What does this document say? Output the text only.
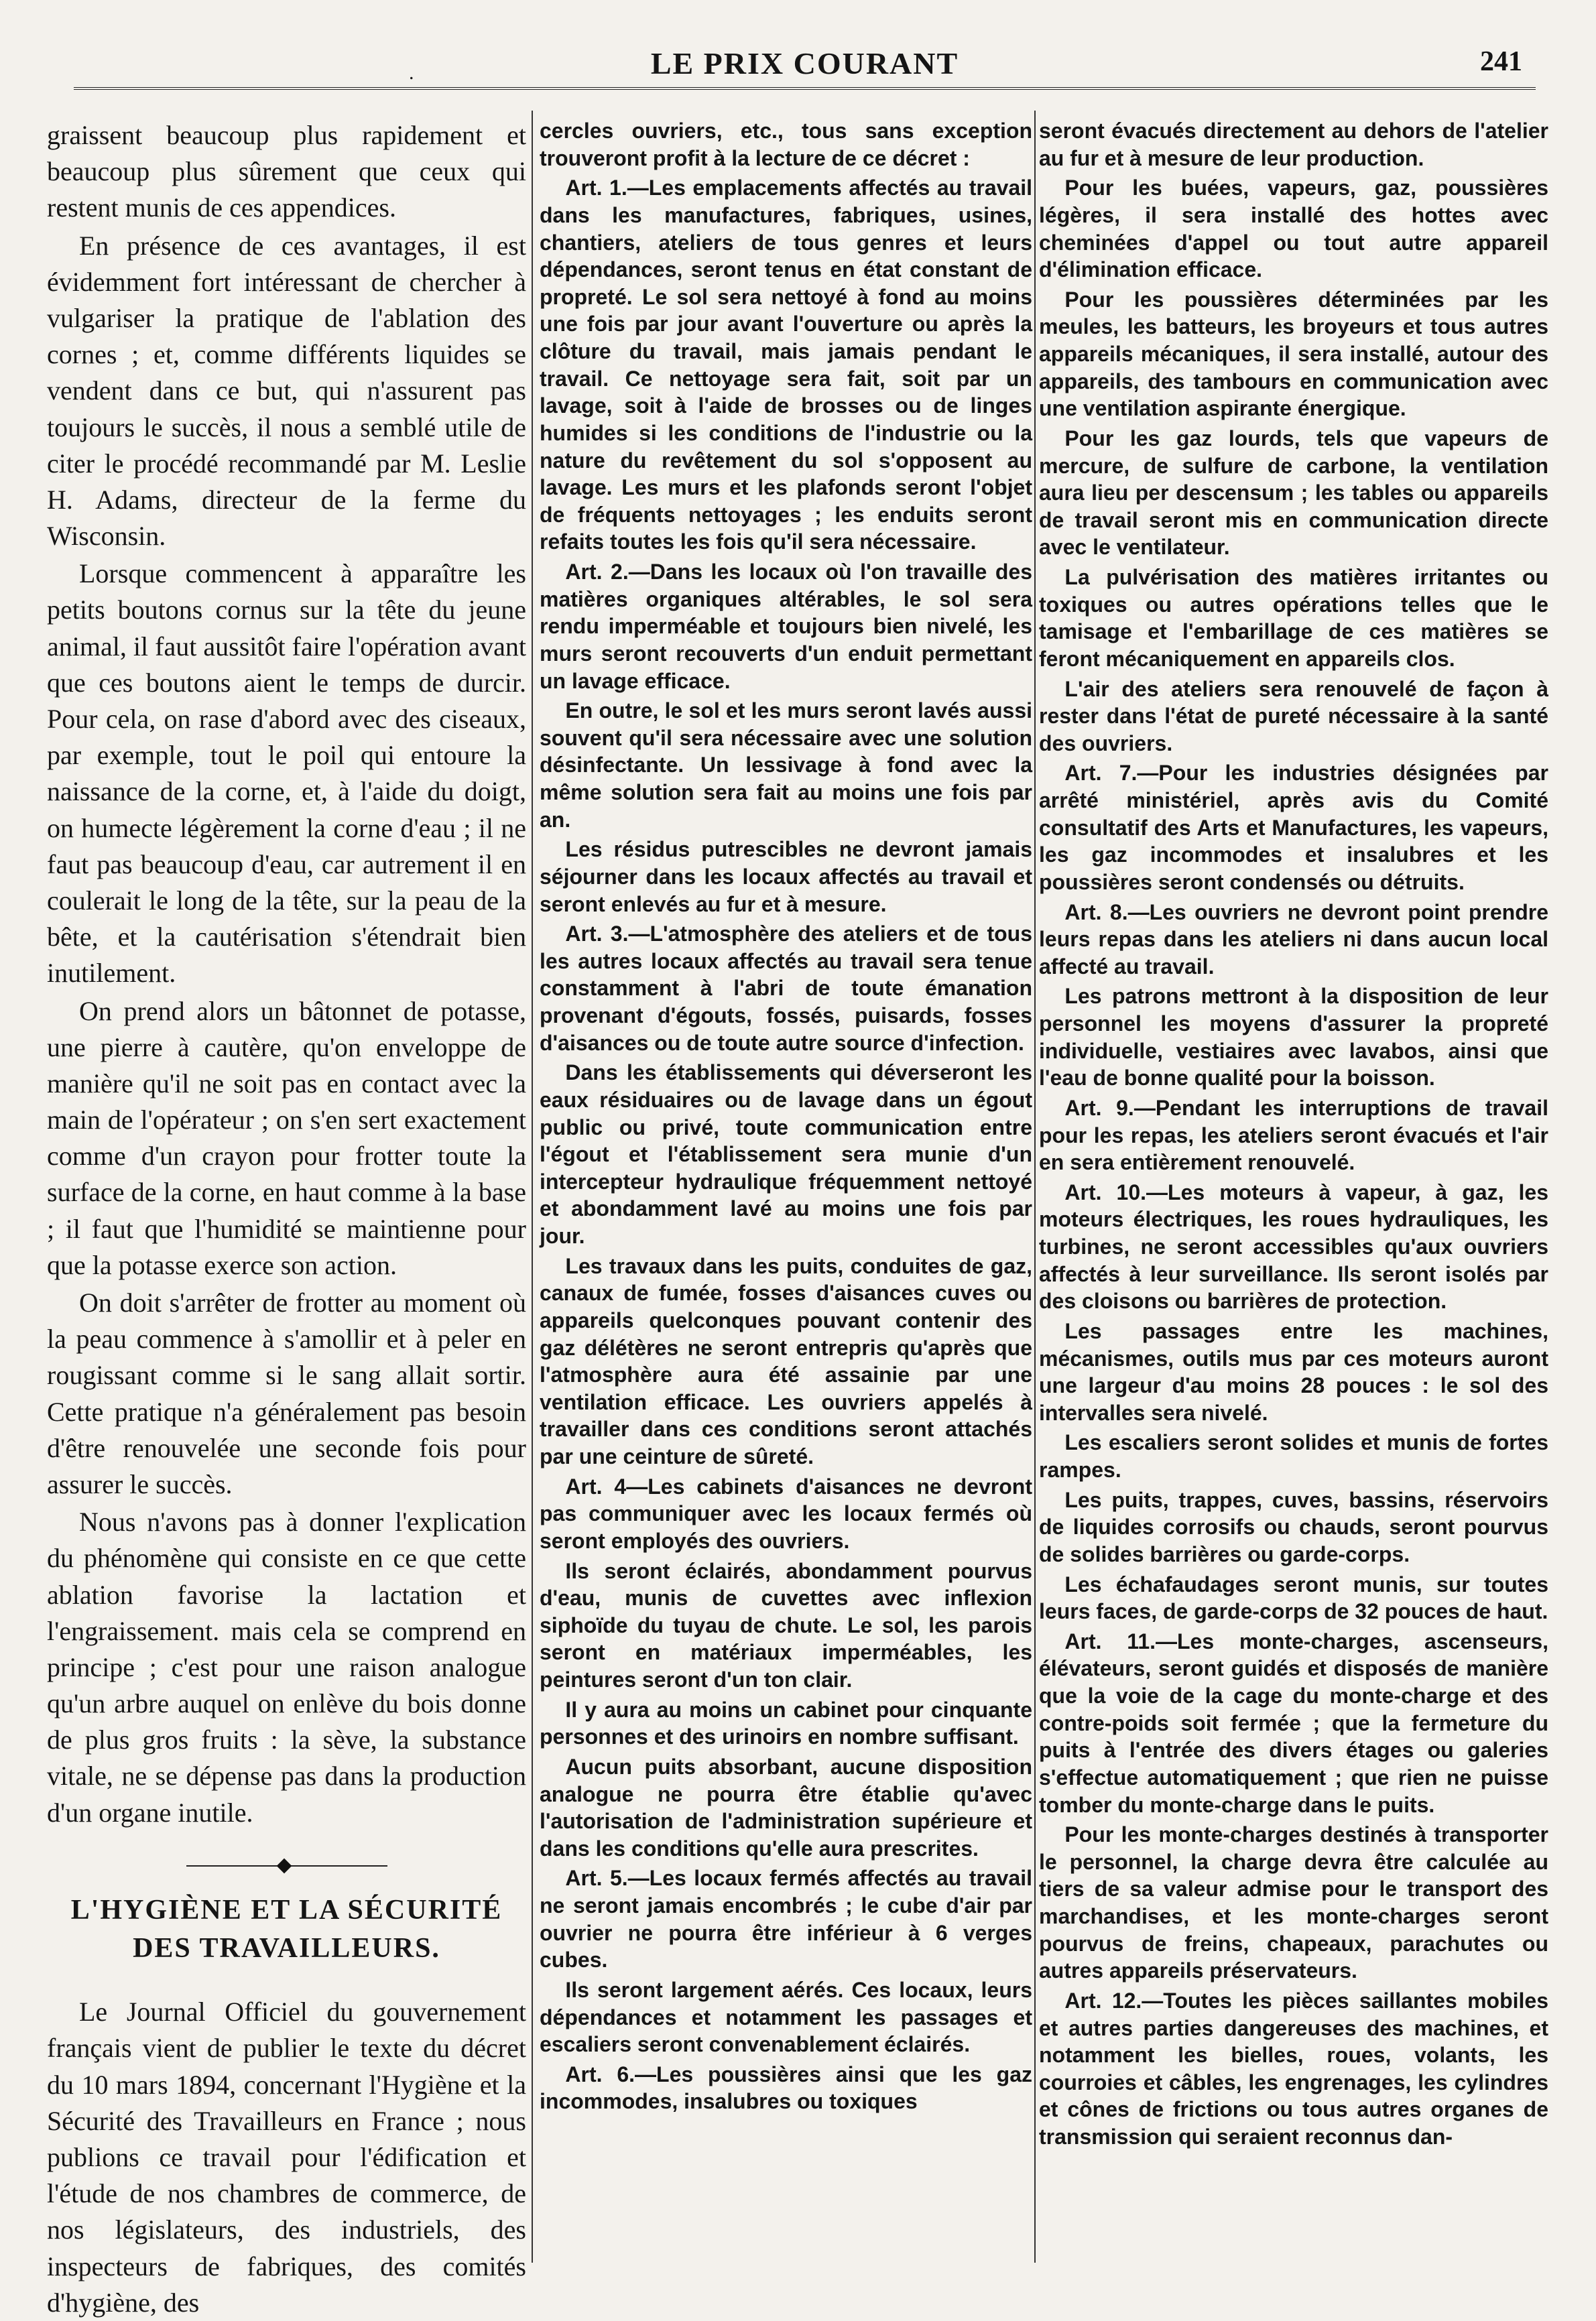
.	LE PRIX COURANT	241

graissent beaucoup plus rapidement et beaucoup plus sûrement que ceux qui restent munis de ces appendices.

En présence de ces avantages, il est évidemment fort intéressant de chercher à vulgariser la pratique de l'ablation des cornes ; et, comme différents liquides se vendent dans ce but, qui n'assurent pas toujours le succès, il nous a semblé utile de citer le procédé recommandé par M. Leslie H. Adams, directeur de la ferme du Wisconsin.

Lorsque commencent à apparaître les petits boutons cornus sur la tête du jeune animal, il faut aussitôt faire l'opération avant que ces boutons aient le temps de durcir. Pour cela, on rase d'abord avec des ciseaux, par exemple, tout le poil qui entoure la naissance de la corne, et, à l'aide du doigt, on humecte légèrement la corne d'eau ; il ne faut pas beaucoup d'eau, car autrement il en coulerait le long de la tête, sur la peau de la bête, et la cautérisation s'étendrait bien inutilement.

On prend alors un bâtonnet de potasse, une pierre à cautère, qu'on enveloppe de manière qu'il ne soit pas en contact avec la main de l'opérateur ; on s'en sert exactement comme d'un crayon pour frotter toute la surface de la corne, en haut comme à la base ; il faut que l'humidité se maintienne pour que la potasse exerce son action.

On doit s'arrêter de frotter au moment où la peau commence à s'amollir et à peler en rougissant comme si le sang allait sortir. Cette pratique n'a généralement pas besoin d'être renouvelée une seconde fois pour assurer le succès.

Nous n'avons pas à donner l'explication du phénomène qui consiste en ce que cette ablation favorise la lactation et l'engraissement. mais cela se comprend en principe ; c'est pour une raison analogue qu'un arbre auquel on enlève du bois donne de plus gros fruits : la sève, la substance vitale, ne se dépense pas dans la production d'un organe inutile.

L'HYGIÈNE ET LA SÉCURITÉ
DES TRAVAILLEURS.

Le Journal Officiel du gouvernement français vient de publier le texte du décret du 10 mars 1894, concernant l'Hygiène et la Sécurité des Travailleurs en France ; nous publions ce travail pour l'édification et l'étude de nos chambres de commerce, de nos législateurs, des industriels, des inspecteurs de fabriques, des comités d'hygiène, des

cercles ouvriers, etc., tous sans exception trouveront profit à la lecture de ce décret :

Art. 1.—Les emplacements affectés au travail dans les manufactures, fabriques, usines, chantiers, ateliers de tous genres et leurs dépendances, seront tenus en état constant de propreté. Le sol sera nettoyé à fond au moins une fois par jour avant l'ouverture ou après la clôture du travail, mais jamais pendant le travail. Ce nettoyage sera fait, soit par un lavage, soit à l'aide de brosses ou de linges humides si les conditions de l'industrie ou la nature du revêtement du sol s'opposent au lavage. Les murs et les plafonds seront l'objet de fréquents nettoyages ; les enduits seront refaits toutes les fois qu'il sera nécessaire.

Art. 2.—Dans les locaux où l'on travaille des matières organiques altérables, le sol sera rendu imperméable et toujours bien nivelé, les murs seront recouverts d'un enduit permettant un lavage efficace.

En outre, le sol et les murs seront lavés aussi souvent qu'il sera nécessaire avec une solution désinfectante. Un lessivage à fond avec la même solution sera fait au moins une fois par an.

Les résidus putrescibles ne devront jamais séjourner dans les locaux affectés au travail et seront enlevés au fur et à mesure.

Art. 3.—L'atmosphère des ateliers et de tous les autres locaux affectés au travail sera tenue constamment à l'abri de toute émanation provenant d'égouts, fossés, puisards, fosses d'aisances ou de toute autre source d'infection.

Dans les établissements qui déverseront les eaux résiduaires ou de lavage dans un égout public ou privé, toute communication entre l'égout et l'établissement sera munie d'un intercepteur hydraulique fréquemment nettoyé et abondamment lavé au moins une fois par jour.

Les travaux dans les puits, conduites de gaz, canaux de fumée, fosses d'aisances cuves ou appareils quelconques pouvant contenir des gaz délétères ne seront entrepris qu'après que l'atmosphère aura été assainie par une ventilation efficace. Les ouvriers appelés à travailler dans ces conditions seront attachés par une ceinture de sûreté.

Art. 4—Les cabinets d'aisances ne devront pas communiquer avec les locaux fermés où seront employés des ouvriers.

Ils seront éclairés, abondamment pourvus d'eau, munis de cuvettes avec inflexion siphoïde du tuyau de chute. Le sol, les parois seront en matériaux imperméables, les peintures seront d'un ton clair.

Il y aura au moins un cabinet pour cinquante personnes et des urinoirs en nombre suffisant.

Aucun puits absorbant, aucune disposition analogue ne pourra être établie qu'avec l'autorisation de l'administration supérieure et dans les conditions qu'elle aura prescrites.

Art. 5.—Les locaux fermés affectés au travail ne seront jamais encombrés ; le cube d'air par ouvrier ne pourra être inférieur à 6 verges cubes.

Ils seront largement aérés. Ces locaux, leurs dépendances et notamment les passages et escaliers seront convenablement éclairés.

Art. 6.—Les poussières ainsi que les gaz incommodes, insalubres ou toxiques

seront évacués directement au dehors de l'atelier au fur et à mesure de leur production.

Pour les buées, vapeurs, gaz, poussières légères, il sera installé des hottes avec cheminées d'appel ou tout autre appareil d'élimination efficace.

Pour les poussières déterminées par les meules, les batteurs, les broyeurs et tous autres appareils mécaniques, il sera installé, autour des appareils, des tambours en communication avec une ventilation aspirante énergique.

Pour les gaz lourds, tels que vapeurs de mercure, de sulfure de carbone, la ventilation aura lieu per descensum ; les tables ou appareils de travail seront mis en communication directe avec le ventilateur.

La pulvérisation des matières irritantes ou toxiques ou autres opérations telles que le tamisage et l'embarillage de ces matières se feront mécaniquement en appareils clos.

L'air des ateliers sera renouvelé de façon à rester dans l'état de pureté nécessaire à la santé des ouvriers.

Art. 7.—Pour les industries désignées par arrêté ministériel, après avis du Comité consultatif des Arts et Manufactures, les vapeurs, les gaz incommodes et insalubres et les poussières seront condensés ou détruits.

Art. 8.—Les ouvriers ne devront point prendre leurs repas dans les ateliers ni dans aucun local affecté au travail.

Les patrons mettront à la disposition de leur personnel les moyens d'assurer la propreté individuelle, vestiaires avec lavabos, ainsi que l'eau de bonne qualité pour la boisson.

Art. 9.—Pendant les interruptions de travail pour les repas, les ateliers seront évacués et l'air en sera entièrement renouvelé.

Art. 10.—Les moteurs à vapeur, à gaz, les moteurs électriques, les roues hydrauliques, les turbines, ne seront accessibles qu'aux ouvriers affectés à leur surveillance. Ils seront isolés par des cloisons ou barrières de protection.

Les passages entre les machines, mécanismes, outils mus par ces moteurs auront une largeur d'au moins 28 pouces : le sol des intervalles sera nivelé.

Les escaliers seront solides et munis de fortes rampes.

Les puits, trappes, cuves, bassins, réservoirs de liquides corrosifs ou chauds, seront pourvus de solides barrières ou garde-corps.

Les échafaudages seront munis, sur toutes leurs faces, de garde-corps de 32 pouces de haut.

Art. 11.—Les monte-charges, ascenseurs, élévateurs, seront guidés et disposés de manière que la voie de la cage du monte-charge et des contre-poids soit fermée ; que la fermeture du puits à l'entrée des divers étages ou galeries s'effectue automatiquement ; que rien ne puisse tomber du monte-charge dans le puits.

Pour les monte-charges destinés à transporter le personnel, la charge devra être calculée au tiers de sa valeur admise pour le transport des marchandises, et les monte-charges seront pourvus de freins, chapeaux, parachutes ou autres appareils préservateurs.

Art. 12.—Toutes les pièces saillantes mobiles et autres parties dangereuses des machines, et notamment les bielles, roues, volants, les courroies et câbles, les engrenages, les cylindres et cônes de frictions ou tous autres organes de transmission qui seraient reconnus dan-
